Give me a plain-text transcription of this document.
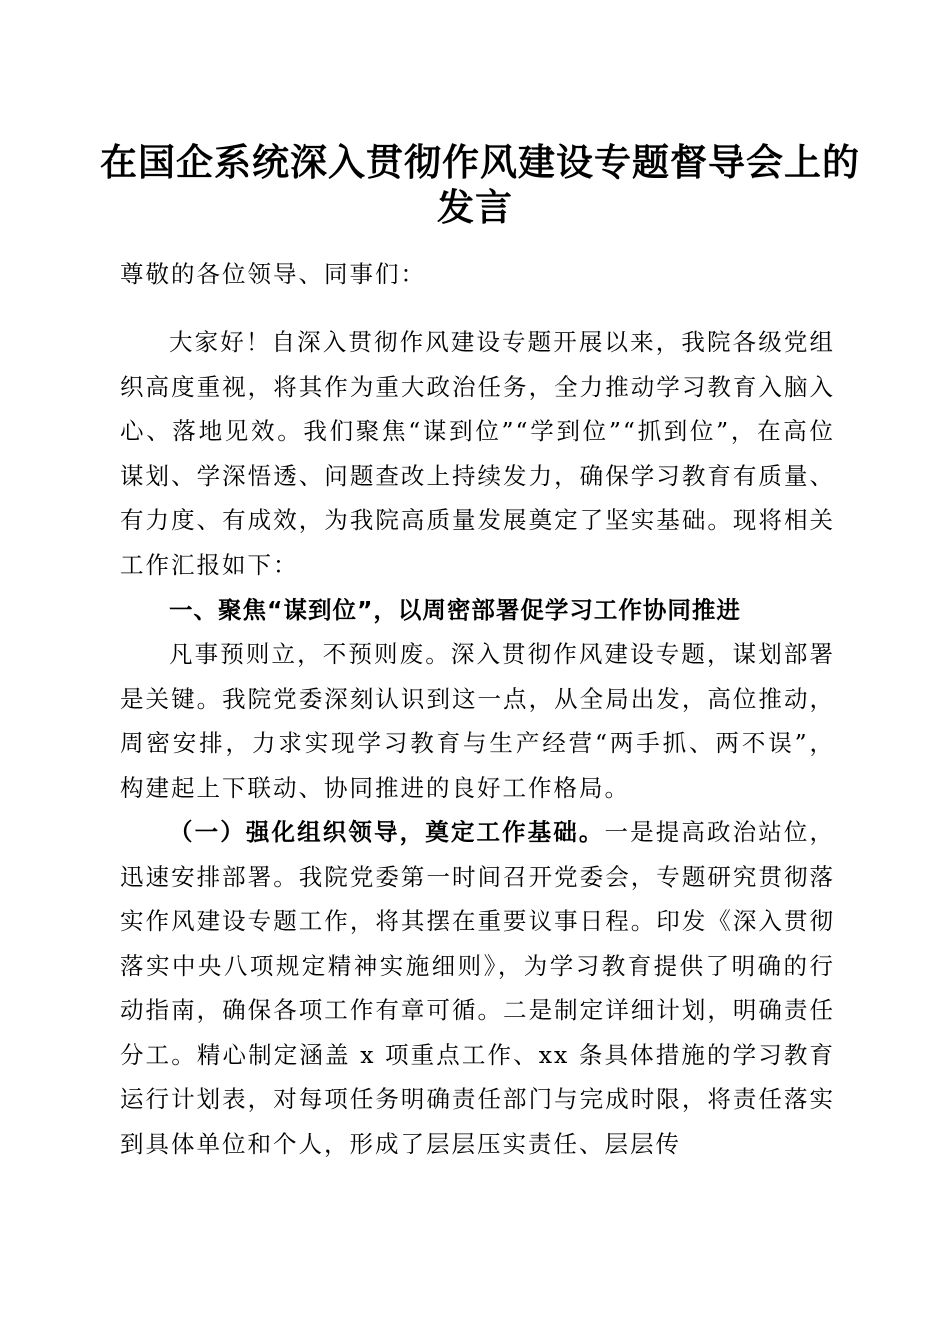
在国企系统深入贯彻作风建设专题督导会上的
发言
尊敬的各位领导、同事们：
大家好！自深入贯彻作风建设专题开展以来，我院各级党组织高度重视，将其作为重大政治任务，全力推动学习教育入脑入心、落地见效。我们聚焦“谋到位”“学到位”“抓到位”，在高位谋划、学深悟透、问题查改上持续发力，确保学习教育有质量、有力度、有成效，为我院高质量发展奠定了坚实基础。现将相关工作汇报如下：
一、聚焦“谋到位”，以周密部署促学习工作协同推进
凡事预则立，不预则废。深入贯彻作风建设专题，谋划部署是关键。我院党委深刻认识到这一点，从全局出发，高位推动，周密安排，力求实现学习教育与生产经营“两手抓、两不误”，构建起上下联动、协同推进的良好工作格局。
（一）强化组织领导，奠定工作基础。一是提高政治站位，迅速安排部署。我院党委第一时间召开党委会，专题研究贯彻落实作风建设专题工作，将其摆在重要议事日程。印发《深入贯彻落实中央八项规定精神实施细则》，为学习教育提供了明确的行动指南，确保各项工作有章可循。二是制定详细计划，明确责任分工。精心制定涵盖 x 项重点工作、xx 条具体措施的学习教育运行计划表，对每项任务明确责任部门与完成时限，将责任落实到具体单位和个人，形成了层层压实责任、层层传
